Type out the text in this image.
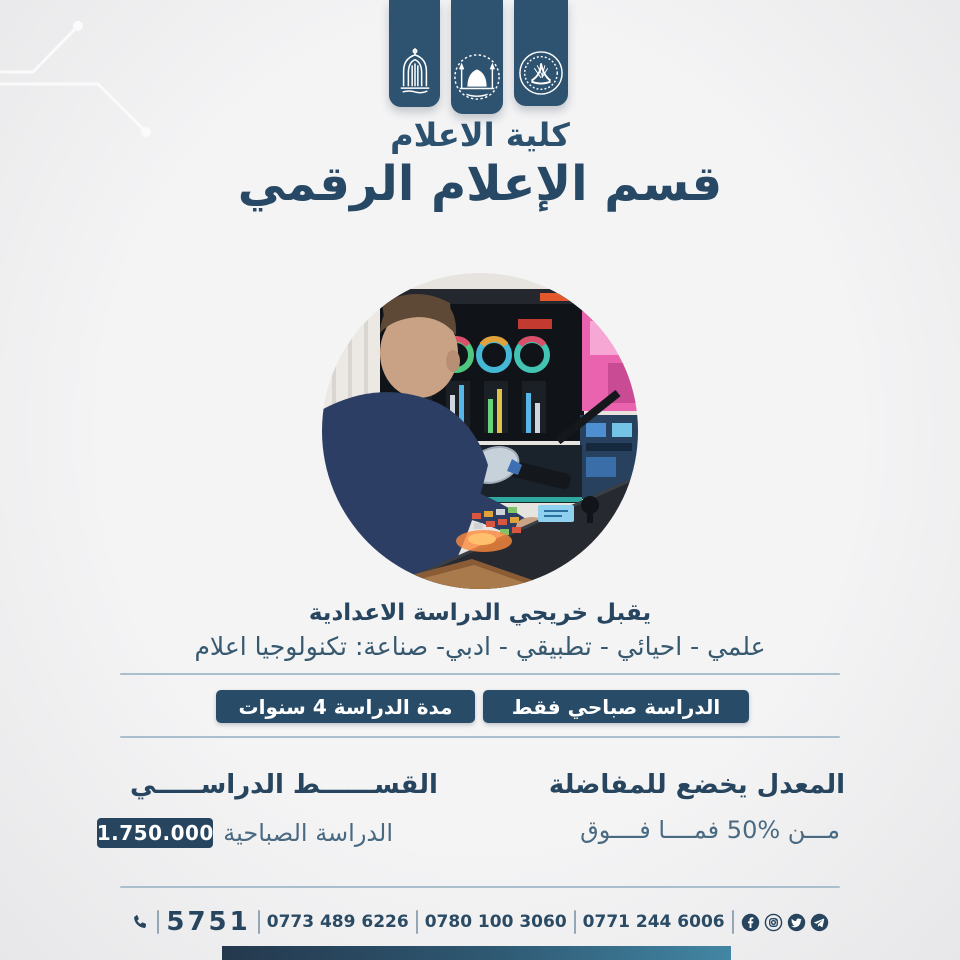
كلية الاعلام
قسم الإعلام الرقمي
يقبل خريجي الدراسة الاعدادية
علمي - احيائي - تطبيقي - ادبي- صناعة: تكنولوجيا اعلام
الدراسة صباحي فقط
مدة الدراسة 4 سنوات
المعدل يخضع للمفاضلة
مـــن %50 فمــــا فــــوق
القســــــط الدراســـــي
الدراسة الصباحية
1.750.000
5751 0773 489 6226 0780 100 3060 0771 244 6006
